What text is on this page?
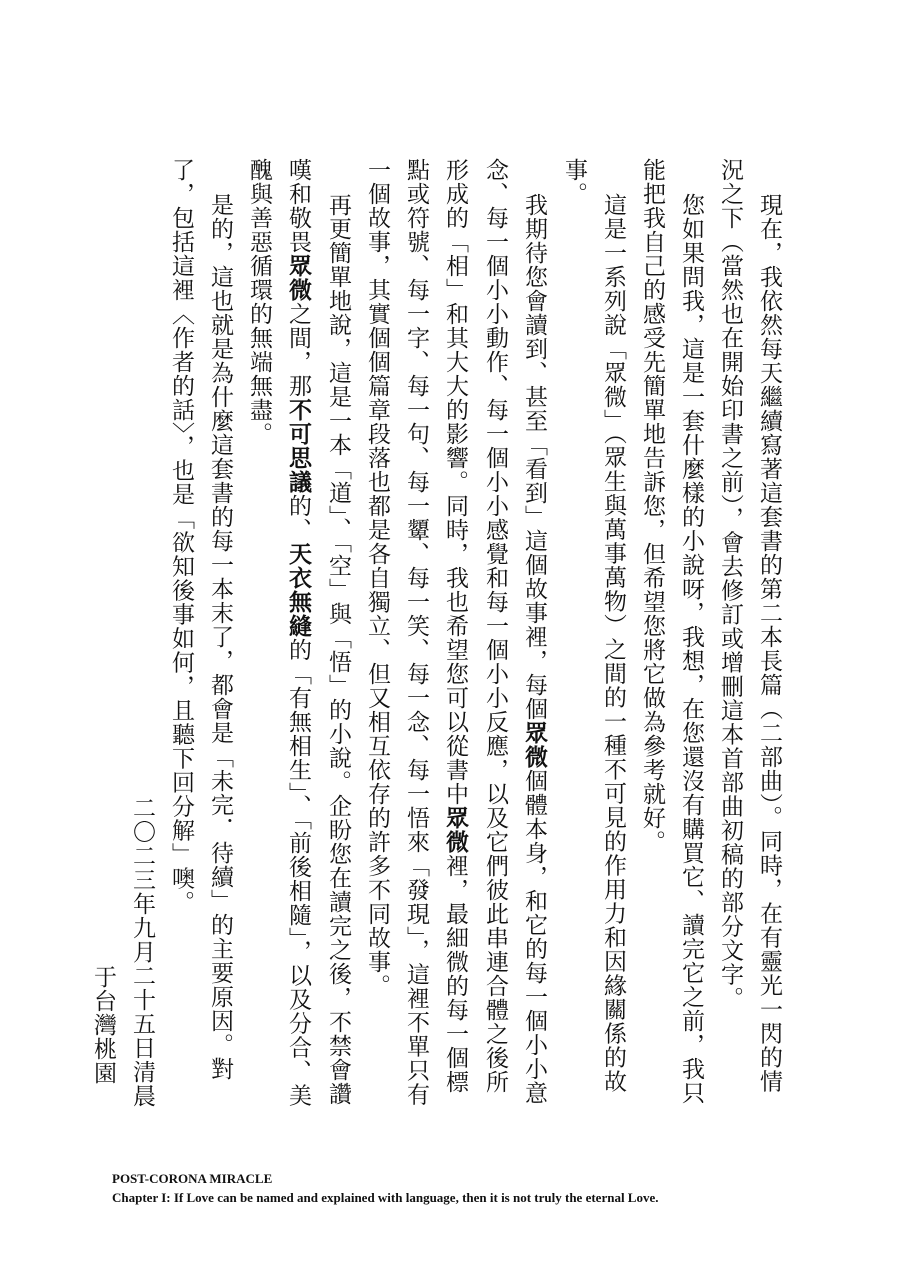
現在，我依然每天繼續寫著這套書的第二本長篇（二部曲）。同時，在有靈光一閃的情況之下（當然也在開始印書之前），會去修訂或增刪這本首部曲初稿的部分文字。

您如果問我，這是一套什麼樣的小說呀，我想，在您還沒有購買它、讀完它之前，我只能把我自己的感受先簡單地告訴您，但希望您將它做為參考就好。

這是一系列說「眾微」（眾生與萬事萬物）之間的一種不可見的作用力和因緣關係的故事。

我期待您會讀到、甚至「看到」這個故事裡，每個眾微個體本身，和它的每一個小小意念、每一個小小動作、每一個小小感覺和每一個小小反應，以及它們彼此串連合體之後所形成的「相」和其大大的影響。同時，我也希望您可以從書中眾微裡，最細微的每一個標點或符號、每一字、每一句、每一顰、每一笑、每一念、每一悟來「發現」，這裡不單只有一個故事，其實個個篇章段落也都是各自獨立、但又相互依存的許多不同故事。

再更簡單地說，這是一本「道」、「空」與「悟」的小說。企盼您在讀完之後，不禁會讚嘆和敬畏眾微之間，那不可思議的、天衣無縫的「有無相生」、「前後相隨」，以及分合、美醜與善惡循環的無端無盡。

是的，這也就是為什麼這套書的每一本末了，都會是「未完．待續」的主要原因。對了，包括這裡〈作者的話〉，也是「欲知後事如何，且聽下回分解」噢。

二〇二三年九月二十五日清晨

于台灣桃園

POST-CORONA MIRACLE
Chapter I: If Love can be named and explained with language, then it is not truly the eternal Love.
